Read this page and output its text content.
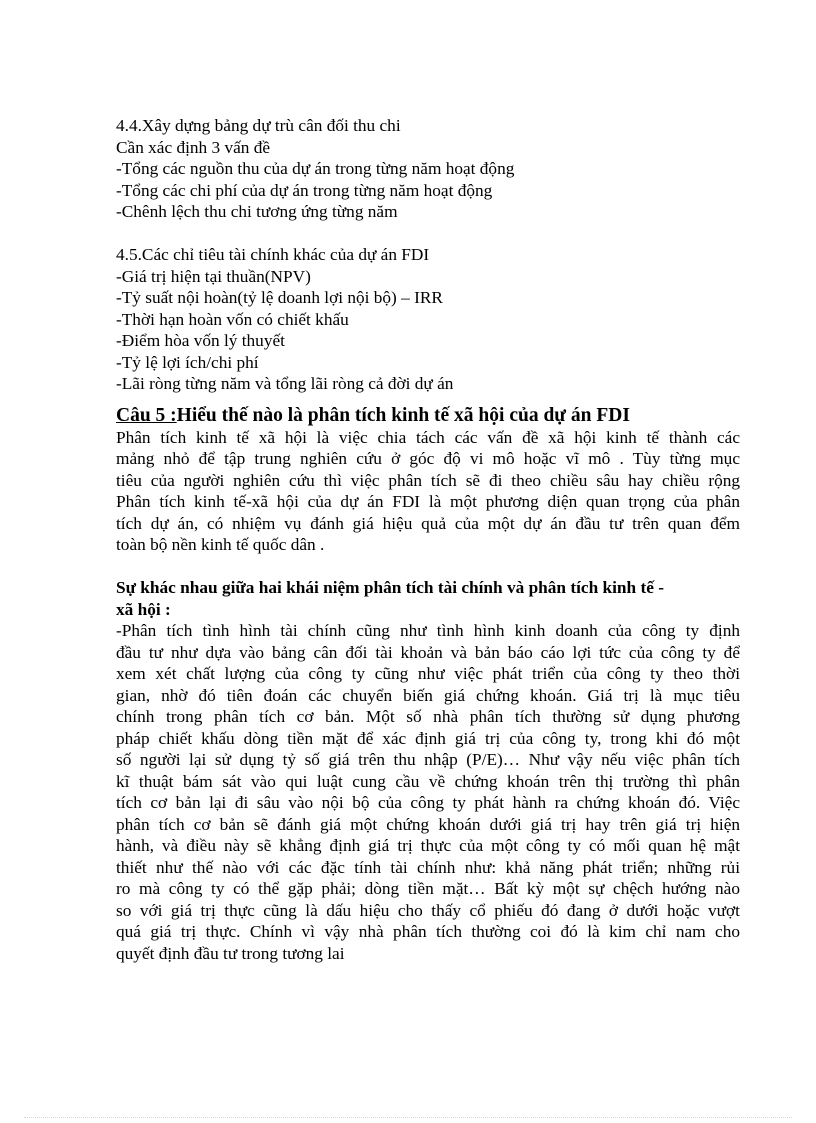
4.4.Xây dựng bảng dự trù cân đối thu chi
Cần xác định 3 vấn đề
-Tổng các nguồn thu của dự án trong từng năm hoạt động
-Tổng các chi phí của dự án trong từng năm hoạt động
-Chênh lệch thu chi tương ứng từng năm
4.5.Các chỉ tiêu tài chính khác của dự án FDI
-Giá trị hiện tại thuần(NPV)
-Tỷ suất nội hoàn(tỷ lệ doanh lợi nội bộ) – IRR
-Thời hạn hoàn vốn có chiết khấu
-Điểm hòa vốn lý thuyết
-Tỷ lệ lợi ích/chi phí
-Lãi ròng từng năm và tổng lãi ròng cả đời dự án
Câu 5 :Hiểu thế nào là phân tích kinh tế xã hội của dự án FDI
Phân tích kinh tế xã hội là việc chia tách các vấn đề xã hội kinh tế thành các
mảng nhỏ để tập trung nghiên cứu ở góc độ vi mô hoặc vĩ mô . Tùy từng mục
tiêu của người nghiên cứu thì việc phân tích sẽ đi theo chiều sâu hay chiều rộng
Phân tích kinh tế-xã hội của dự án FDI là một phương diện quan trọng của phân
tích dự án, có nhiệm vụ đánh giá hiệu quả của một dự án đầu tư trên quan đểm
toàn bộ nền kinh tế quốc dân .
Sự khác nhau giữa hai khái niệm phân tích tài chính và phân tích kinh tế -
xã hội :
-Phân tích tình hình tài chính cũng như tình hình kinh doanh của công ty định
đầu tư như dựa vào bảng cân đối tài khoản và bản báo cáo lợi tức của công ty để
xem xét chất lượng của công ty cũng như việc phát triển của công ty theo thời
gian, nhờ đó tiên đoán các chuyển biến giá chứng khoán. Giá trị là mục tiêu
chính trong phân tích cơ bản. Một số nhà phân tích thường sử dụng phương
pháp chiết khấu dòng tiền mặt để xác định giá trị của công ty, trong khi đó một
số người lại sử dụng tỷ số giá trên thu nhập (P/E)… Như vậy nếu việc phân tích
kĩ thuật bám sát vào qui luật cung cầu về chứng khoán trên thị trường thì phân
tích cơ bản lại đi sâu vào nội bộ của công ty phát hành ra chứng khoán đó. Việc
phân tích cơ bản sẽ đánh giá một chứng khoán dưới giá trị hay trên giá trị hiện
hành, và điều này sẽ khẳng định giá trị thực của một công ty có mối quan hệ mật
thiết như thế nào với các đặc tính tài chính như: khả năng phát triển; những rủi
ro mà công ty có thể gặp phải; dòng tiền mặt… Bất kỳ một sự chệch hướng nào
so với giá trị thực cũng là dấu hiệu cho thấy cổ phiếu đó đang ở dưới hoặc vượt
quá giá trị thực. Chính vì vậy nhà phân tích thường coi đó là kim chỉ nam cho
quyết định đầu tư trong tương lai
